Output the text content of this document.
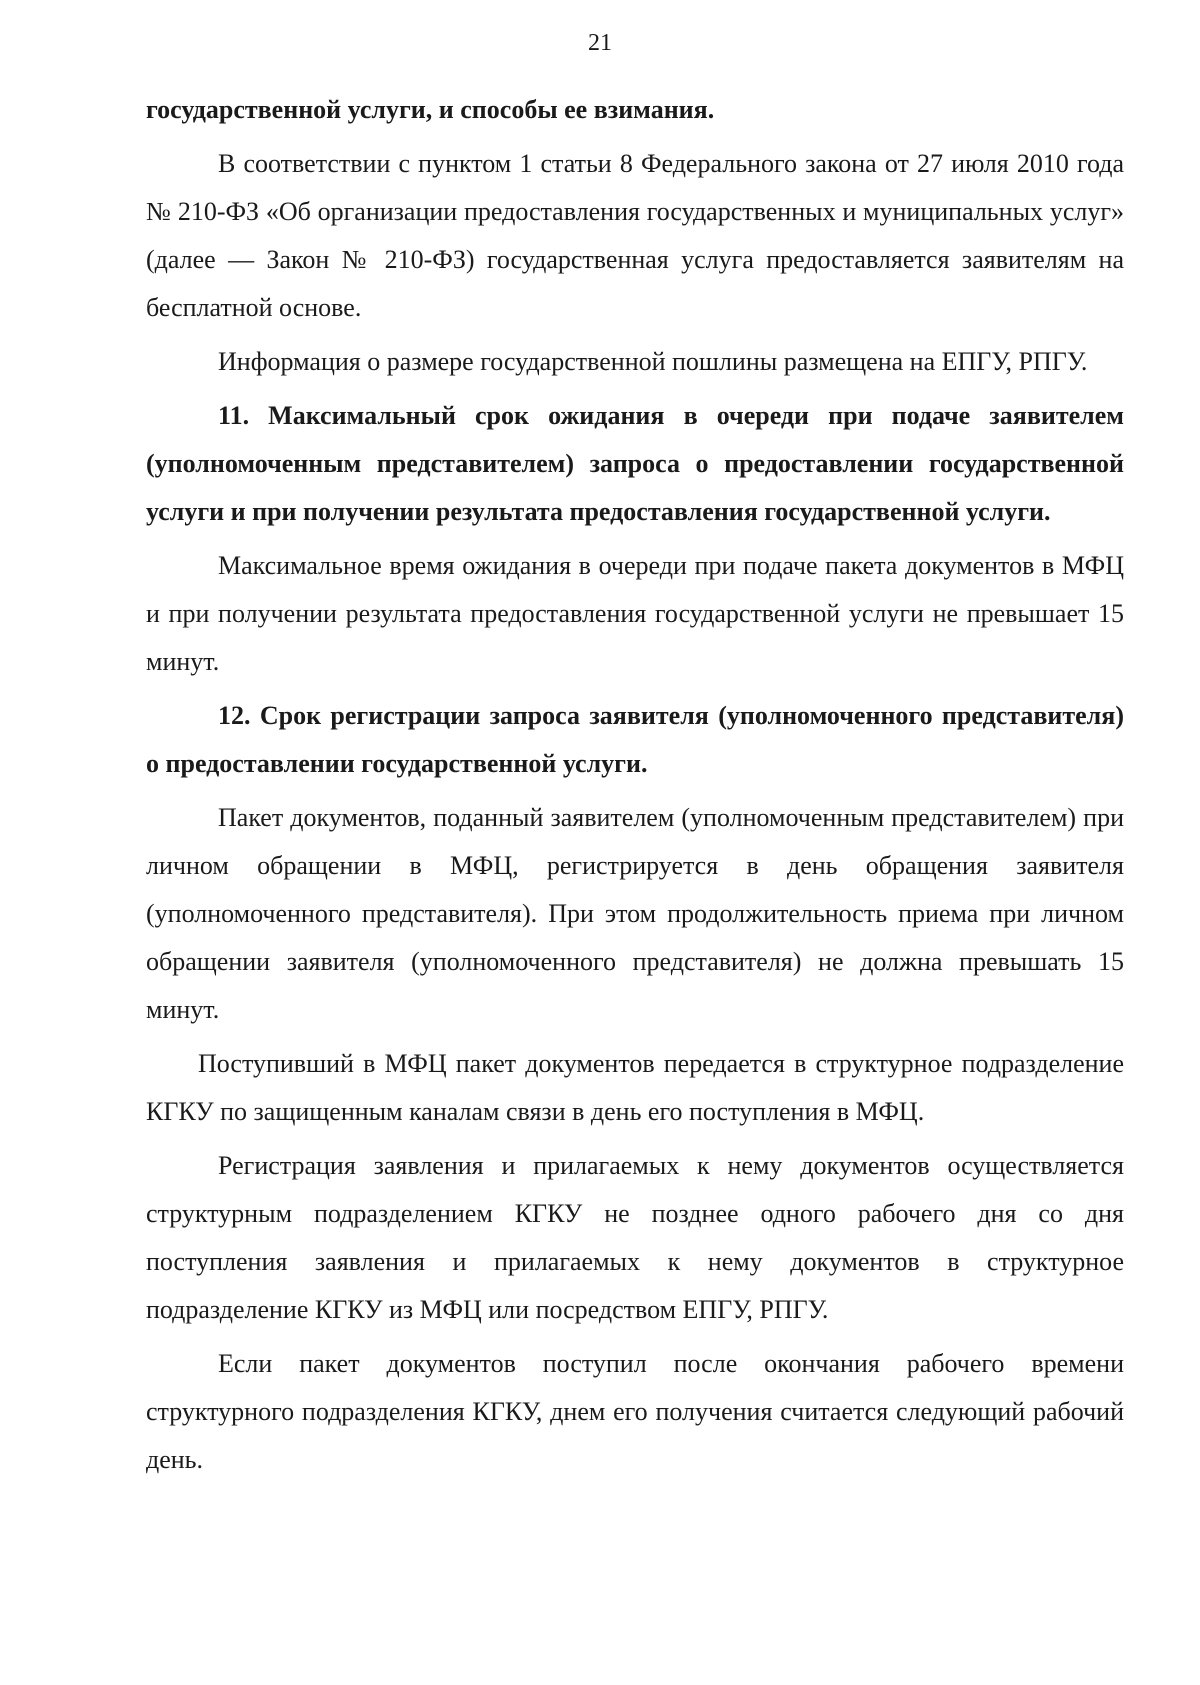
21

государственной услуги, и способы ее взимания.

В соответствии с пунктом 1 статьи 8 Федерального закона от 27 июля 2010 года № 210-ФЗ «Об организации предоставления государственных и муниципальных услуг» (далее — Закон № 210-ФЗ) государственная услуга предоставляется заявителям на бесплатной основе.

Информация о размере государственной пошлины размещена на ЕПГУ, РПГУ.

11. Максимальный срок ожидания в очереди при подаче заявителем (уполномоченным представителем) запроса о предоставлении государственной услуги и при получении результата предоставления государственной услуги.

Максимальное время ожидания в очереди при подаче пакета документов в МФЦ и при получении результата предоставления государственной услуги не превышает 15 минут.

12. Срок регистрации запроса заявителя (уполномоченного представителя) о предоставлении государственной услуги.

Пакет документов, поданный заявителем (уполномоченным представителем) при личном обращении в МФЦ, регистрируется в день обращения заявителя (уполномоченного представителя). При этом продолжительность приема при личном обращении заявителя (уполномоченного представителя) не должна превышать 15 минут.

Поступивший в МФЦ пакет документов передается в структурное подразделение КГКУ по защищенным каналам связи в день его поступления в МФЦ.

Регистрация заявления и прилагаемых к нему документов осуществляется структурным подразделением КГКУ не позднее одного рабочего дня со дня поступления заявления и прилагаемых к нему документов в структурное подразделение КГКУ из МФЦ или посредством ЕПГУ, РПГУ.

Если пакет документов поступил после окончания рабочего времени структурного подразделения КГКУ, днем его получения считается следующий рабочий день.
